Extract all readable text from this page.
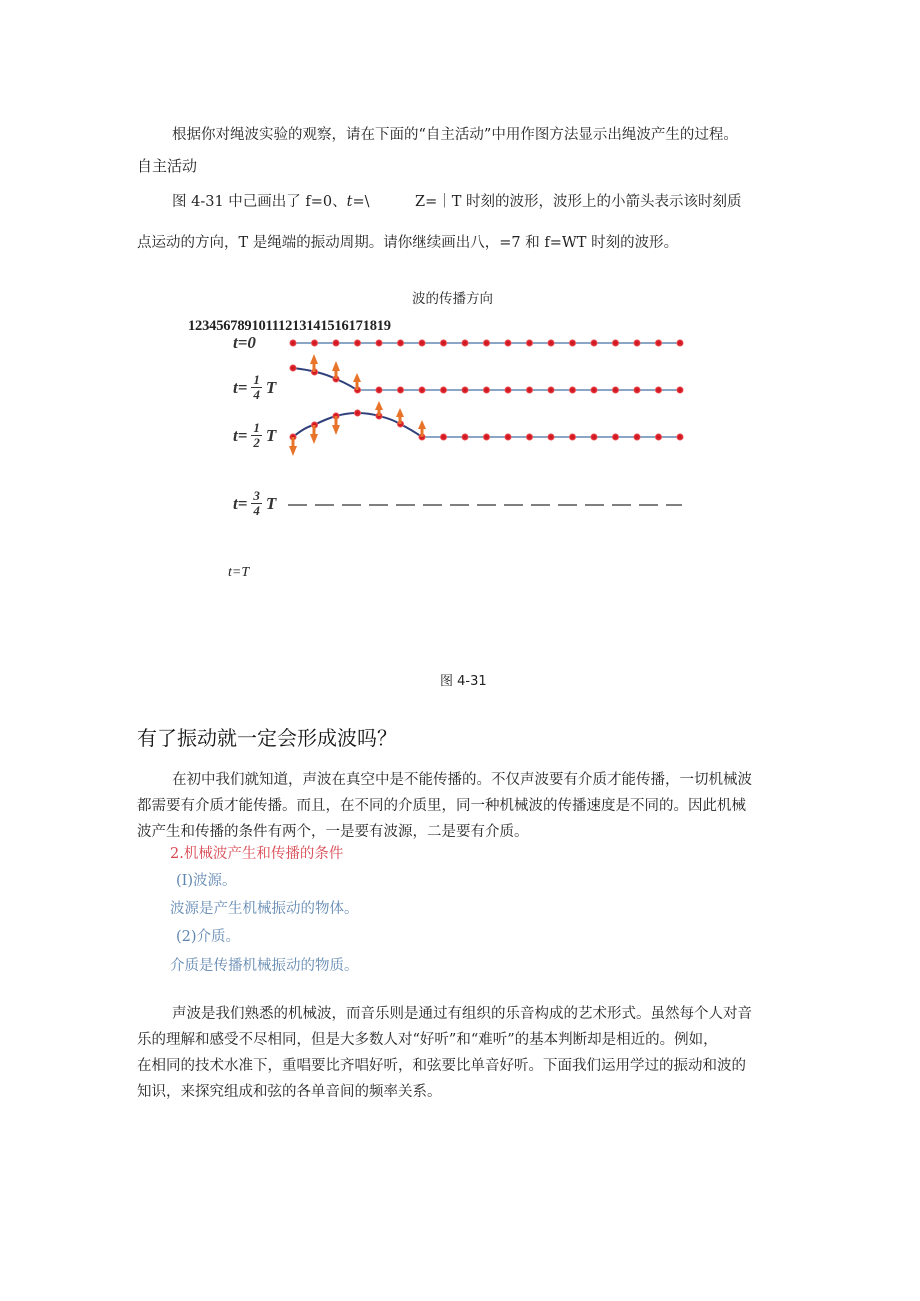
根据你对绳波实验的观察，请在下面的“自主活动”中用作图方法显示出绳波产生的过程。
自主活动
图 4-31 中己画出了 f=0、t=\	Z=｜T 时刻的波形，波形上的小箭头表示该时刻质
点运动的方向，T 是绳端的振动周期。请你继续画出八，=7 和 f=WT 时刻的波形。
波的传播方向
12345678910111213141516171819
t=0
$t= \frac{1}{4}$ T
$t= \frac{1}{2}$ T
$t= \frac{3}{4}$ T
t=T
图 4-31
有了振动就一定会形成波吗？
在初中我们就知道，声波在真空中是不能传播的。不仅声波要有介质才能传播，一切机械波
都需要有介质才能传播。而且，在不同的介质里，同一种机械波的传播速度是不同的。因此机械
波产生和传播的条件有两个，一是要有波源，二是要有介质。
2.机械波产生和传播的条件
(I)波源。
波源是产生机械振动的物体。
(2)介质。
介质是传播机械振动的物质。
声波是我们熟悉的机械波，而音乐则是通过有组织的乐音构成的艺术形式。虽然每个人对音
乐的理解和感受不尽相同，但是大多数人对“好听”和“难听”的基本判断却是相近的。例如，
在相同的技术水准下，重唱要比齐唱好听，和弦要比单音好听。下面我们运用学过的振动和波的
知识，来探究组成和弦的各单音间的频率关系。
